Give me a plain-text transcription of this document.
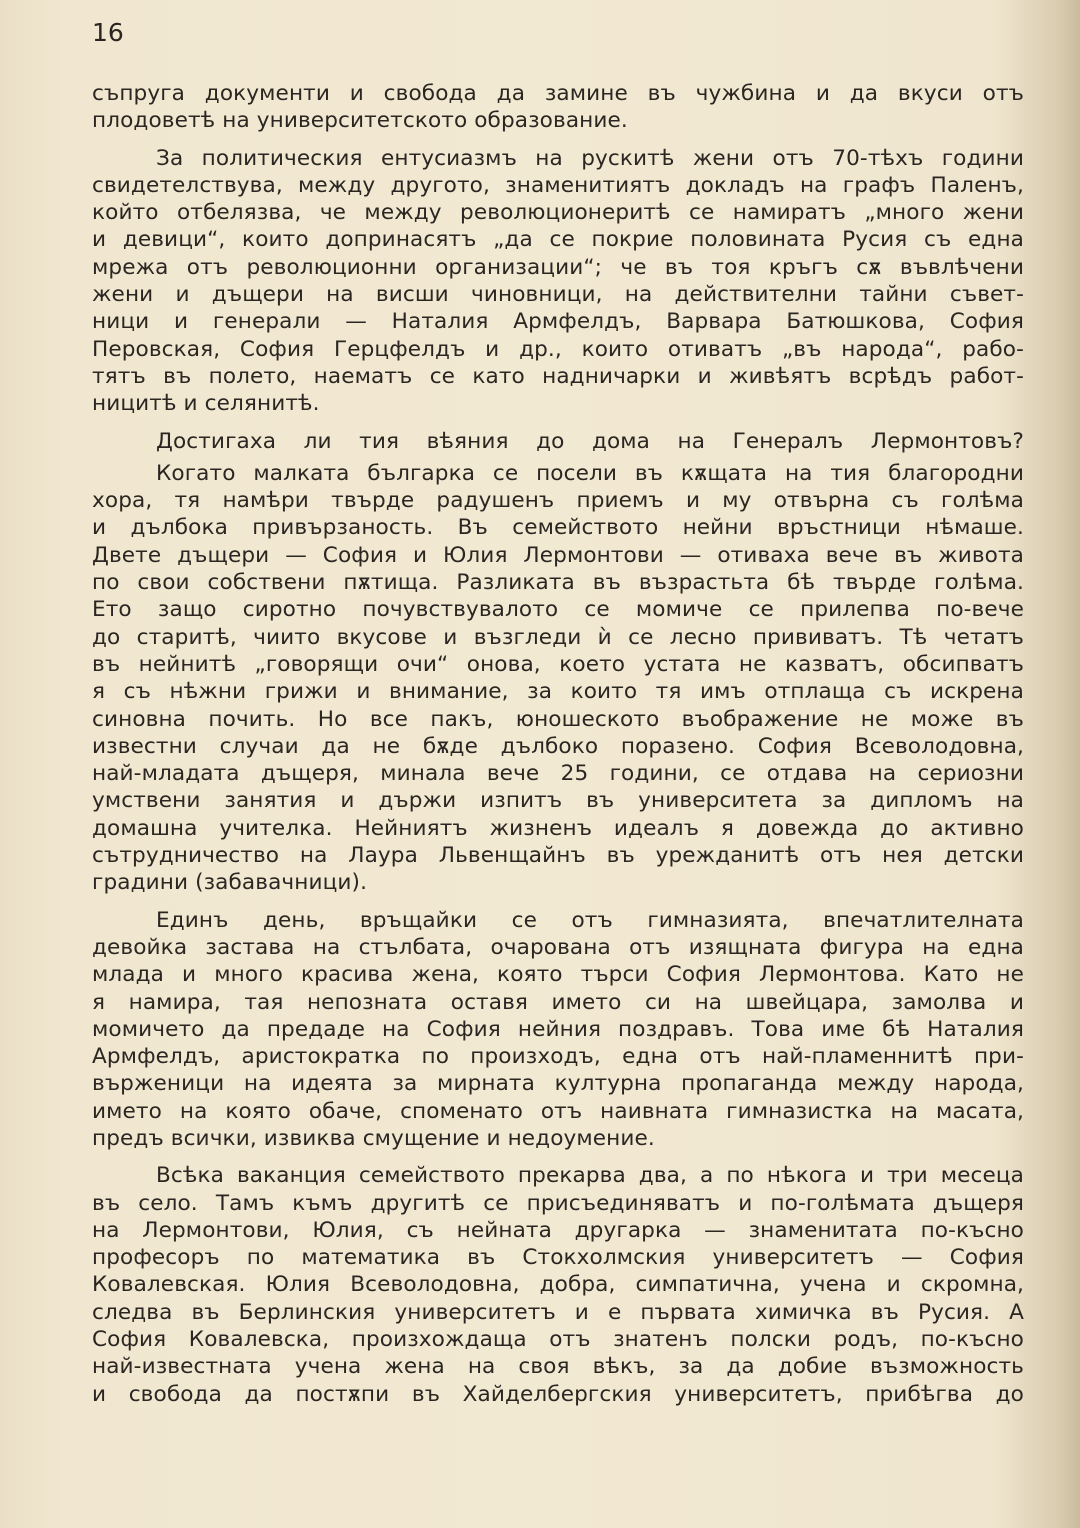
16
съпруга документи и свобода да замине въ чужбина и да вкуси отъ
плодоветѣ на университетското образование.
За политическия ентусиазмъ на рускитѣ жени отъ 70-тѣхъ години
свидетелствува, между другото, знаменитиятъ докладъ на графъ Паленъ,
който отбелязва, че между революционеритѣ се намиратъ „много жени
и девици“, които допринасятъ „да се покрие половината Русия съ една
мрежа отъ революционни организации“; че въ тоя кръгъ сѫ въвлѣчени
жени и дъщери на висши чиновници, на действителни тайни съвет-
ници и генерали — Наталия Армфелдъ, Варвара Батюшкова, София
Перовская, София Герцфелдъ и др., които отиватъ „въ народа“, рабо-
тятъ въ полето, наематъ се като надничарки и живѣятъ всрѣдъ работ-
ницитѣ и селянитѣ.
Достигаха ли тия вѣяния до дома на Генералъ Лермонтовъ?
Когато малката българка се посели въ кѫщата на тия благородни
хора, тя намѣри твърде радушенъ приемъ и му отвърна съ голѣма
и дълбока привързаность. Въ семейството нейни връстници нѣмаше.
Двете дъщери — София и Юлия Лермонтови — отиваха вече въ живота
по свои собствени пѫтища. Разликата въ възрастьта бѣ твърде голѣма.
Ето защо сиротно почувствувалото се момиче се прилепва по-вече
до старитѣ, чиито вкусове и възгледи ѝ се лесно прививатъ. Тѣ четатъ
въ нейнитѣ „говорящи очи“ онова, което устата не казватъ, обсипватъ
я съ нѣжни грижи и внимание, за които тя имъ отплаща съ искрена
синовна почить. Но все пакъ, юношеското въображение не може въ
известни случаи да не бѫде дълбоко поразено. София Всеволодовна,
най-младата дъщеря, минала вече 25 години, се отдава на сериозни
умствени занятия и държи изпитъ въ университета за дипломъ на
домашна учителка. Нейниятъ жизненъ идеалъ я довежда до активно
сътрудничество на Лаура Львенщайнъ въ урежданитѣ отъ нея детски
градини (забавачници).
Единъ день, връщайки се отъ гимназията, впечатлителната
девойка застава на стълбата, очарована отъ изящната фигура на една
млада и много красива жена, която търси София Лермонтова. Като не
я намира, тая непозната оставя името си на швейцара, замолва и
момичето да предаде на София нейния поздравъ. Това име бѣ Наталия
Армфелдъ, аристократка по произходъ, една отъ най-пламеннитѣ при-
върженици на идеята за мирната културна пропаганда между народа,
името на която обаче, споменато отъ наивната гимназистка на масата,
предъ всички, извиква смущение и недоумение.
Всѣка ваканция семейството прекарва два, а по нѣкога и три месеца
въ село. Тамъ къмъ другитѣ се присъединяватъ и по-голѣмата дъщеря
на Лермонтови, Юлия, съ нейната другарка — знаменитата по-късно
професоръ по математика въ Стокхолмския университетъ — София
Ковалевская. Юлия Всеволодовна, добра, симпатична, учена и скромна,
следва въ Берлинския университетъ и е първата химичка въ Русия. А
София Ковалевска, произхождаща отъ знатенъ полски родъ, по-късно
най-известната учена жена на своя вѣкъ, за да добие възможность
и свобода да постѫпи въ Хайделбергския университетъ, прибѣгва до
